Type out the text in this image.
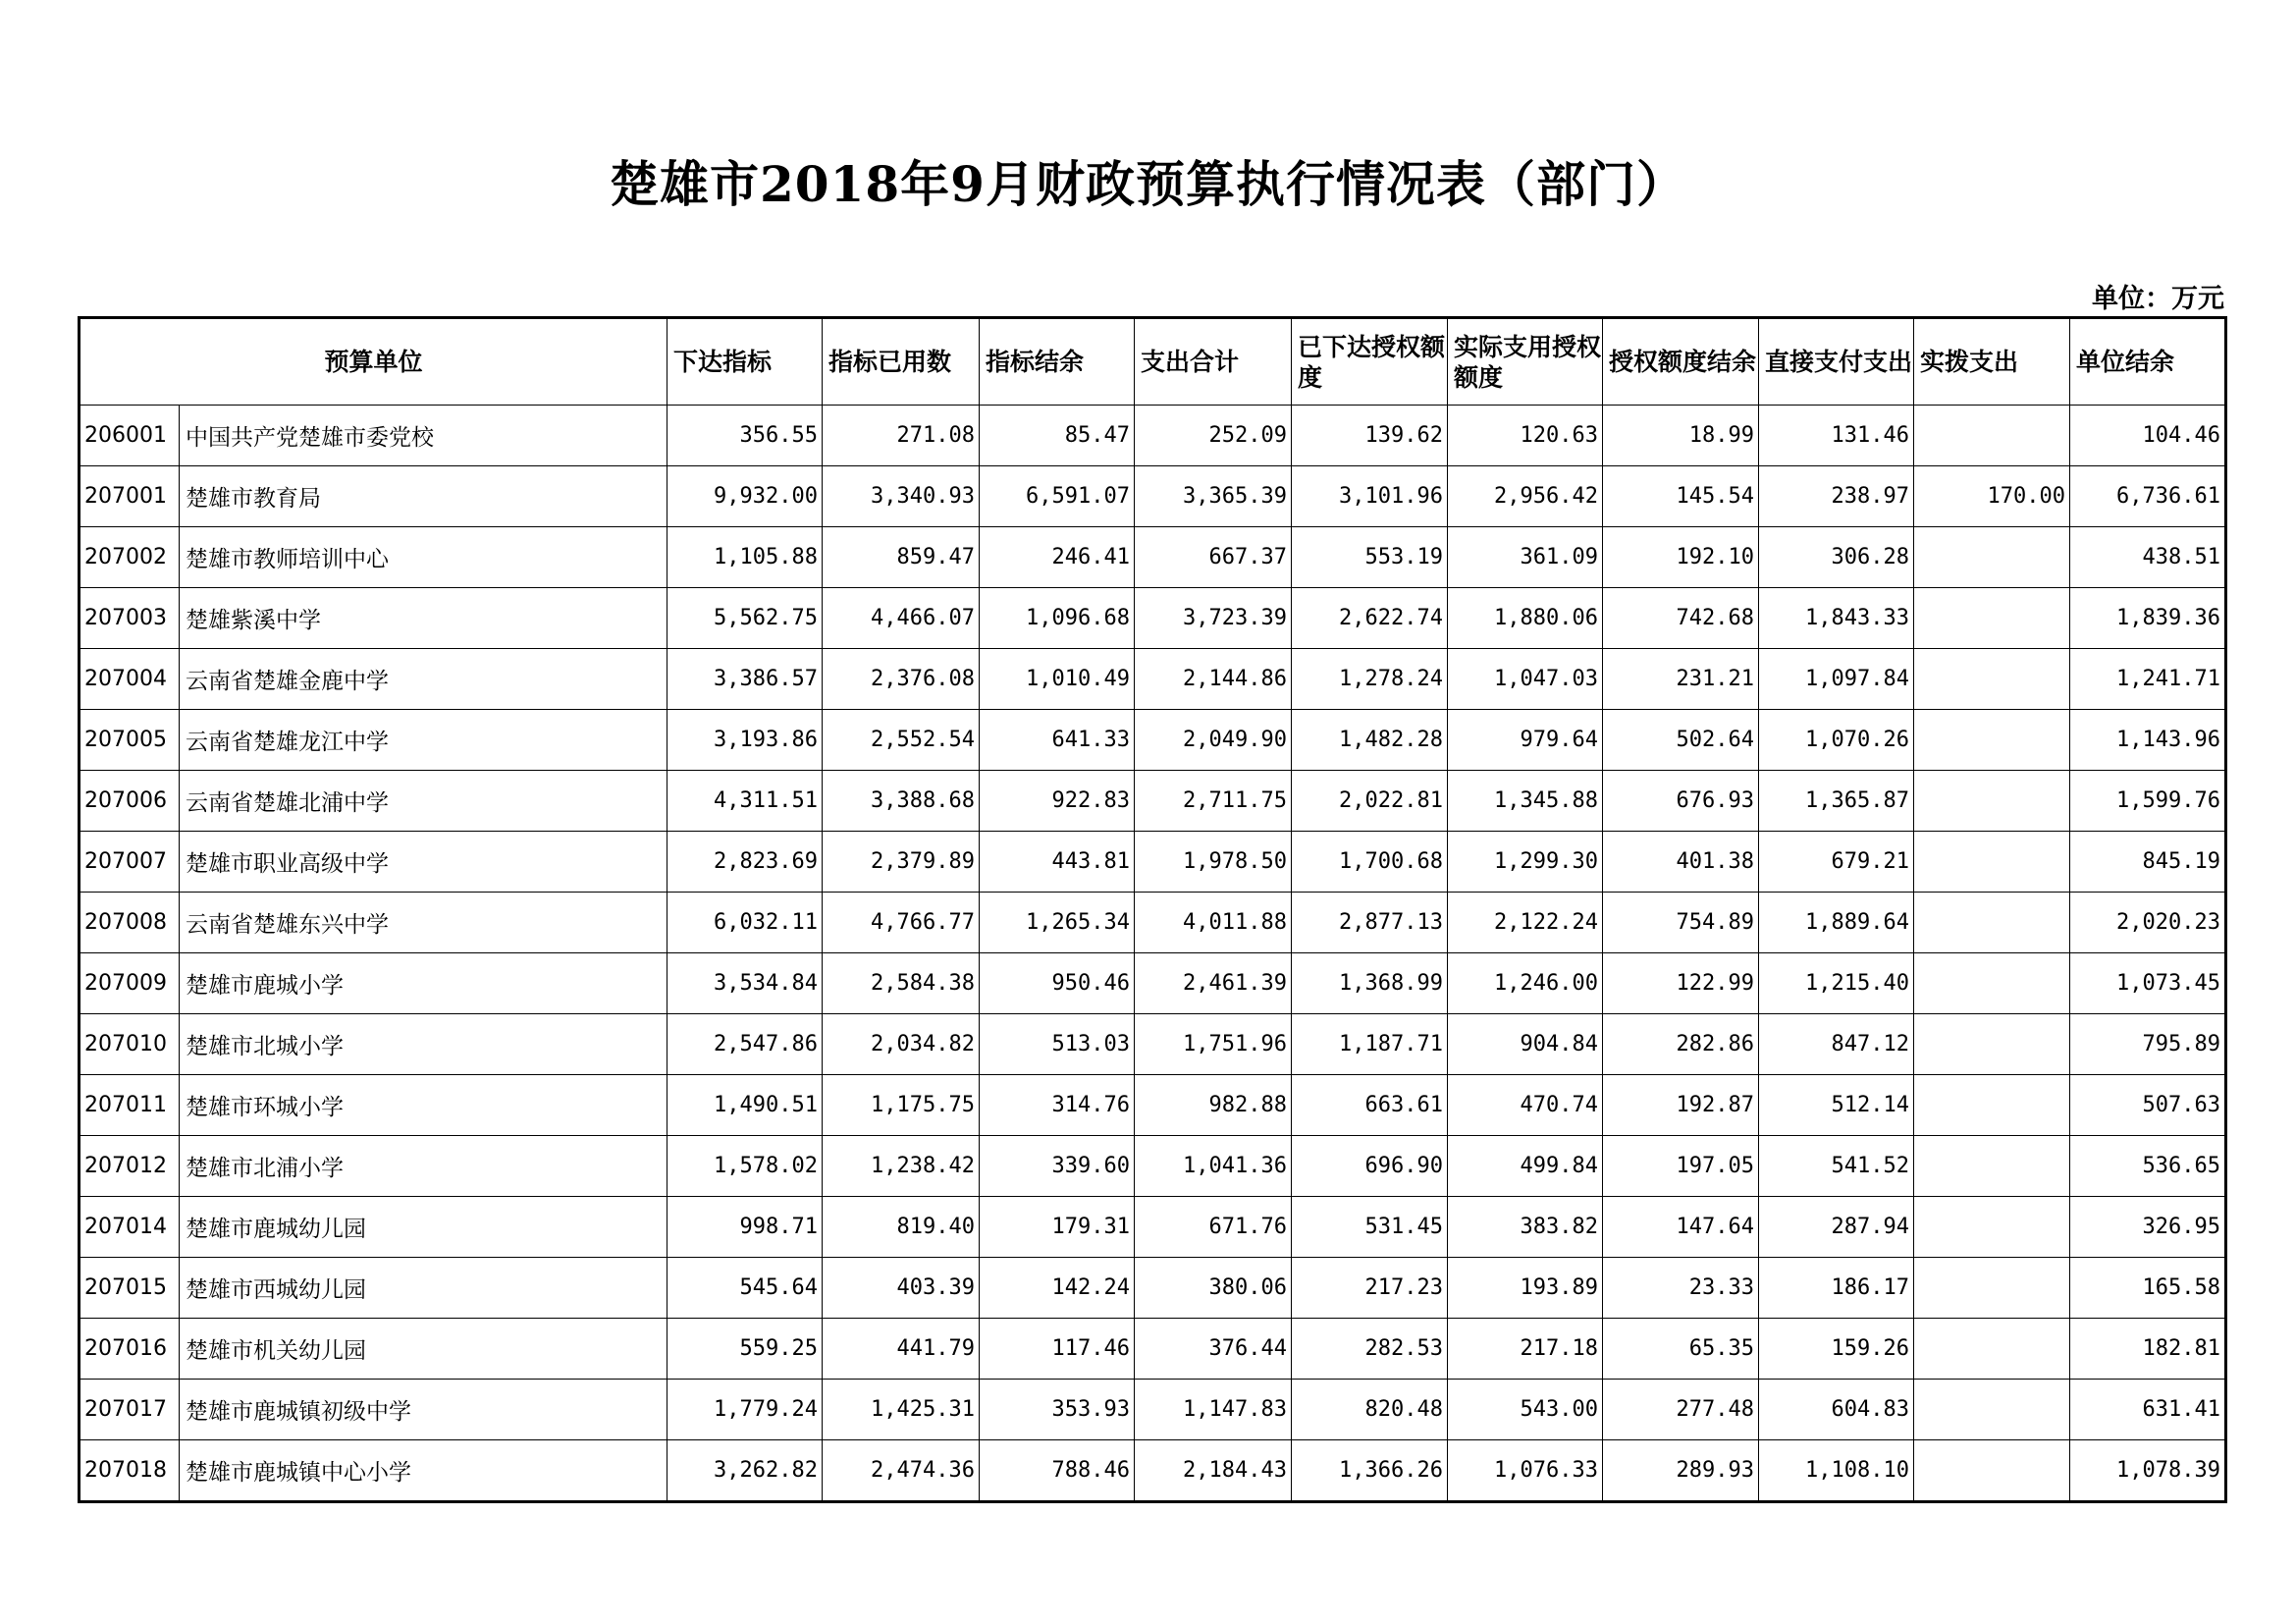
楚雄市2018年9月财政预算执行情况表（部门）
单位：万元
预算单位		下达指标	指标已用数	指标结余	支出合计	已下达授权额度	实际支用授权额度	授权额度结余	直接支付支出	实拨支出	单位结余
206001	中国共产党楚雄市委党校	356.55	271.08	85.47	252.09	139.62	120.63	18.99	131.46		104.46
207001	楚雄市教育局	9,932.00	3,340.93	6,591.07	3,365.39	3,101.96	2,956.42	145.54	238.97	170.00	6,736.61
207002	楚雄市教师培训中心	1,105.88	859.47	246.41	667.37	553.19	361.09	192.10	306.28		438.51
207003	楚雄紫溪中学	5,562.75	4,466.07	1,096.68	3,723.39	2,622.74	1,880.06	742.68	1,843.33		1,839.36
207004	云南省楚雄金鹿中学	3,386.57	2,376.08	1,010.49	2,144.86	1,278.24	1,047.03	231.21	1,097.84		1,241.71
207005	云南省楚雄龙江中学	3,193.86	2,552.54	641.33	2,049.90	1,482.28	979.64	502.64	1,070.26		1,143.96
207006	云南省楚雄北浦中学	4,311.51	3,388.68	922.83	2,711.75	2,022.81	1,345.88	676.93	1,365.87		1,599.76
207007	楚雄市职业高级中学	2,823.69	2,379.89	443.81	1,978.50	1,700.68	1,299.30	401.38	679.21		845.19
207008	云南省楚雄东兴中学	6,032.11	4,766.77	1,265.34	4,011.88	2,877.13	2,122.24	754.89	1,889.64		2,020.23
207009	楚雄市鹿城小学	3,534.84	2,584.38	950.46	2,461.39	1,368.99	1,246.00	122.99	1,215.40		1,073.45
207010	楚雄市北城小学	2,547.86	2,034.82	513.03	1,751.96	1,187.71	904.84	282.86	847.12		795.89
207011	楚雄市环城小学	1,490.51	1,175.75	314.76	982.88	663.61	470.74	192.87	512.14		507.63
207012	楚雄市北浦小学	1,578.02	1,238.42	339.60	1,041.36	696.90	499.84	197.05	541.52		536.65
207014	楚雄市鹿城幼儿园	998.71	819.40	179.31	671.76	531.45	383.82	147.64	287.94		326.95
207015	楚雄市西城幼儿园	545.64	403.39	142.24	380.06	217.23	193.89	23.33	186.17		165.58
207016	楚雄市机关幼儿园	559.25	441.79	117.46	376.44	282.53	217.18	65.35	159.26		182.81
207017	楚雄市鹿城镇初级中学	1,779.24	1,425.31	353.93	1,147.83	820.48	543.00	277.48	604.83		631.41
207018	楚雄市鹿城镇中心小学	3,262.82	2,474.36	788.46	2,184.43	1,366.26	1,076.33	289.93	1,108.10		1,078.39
